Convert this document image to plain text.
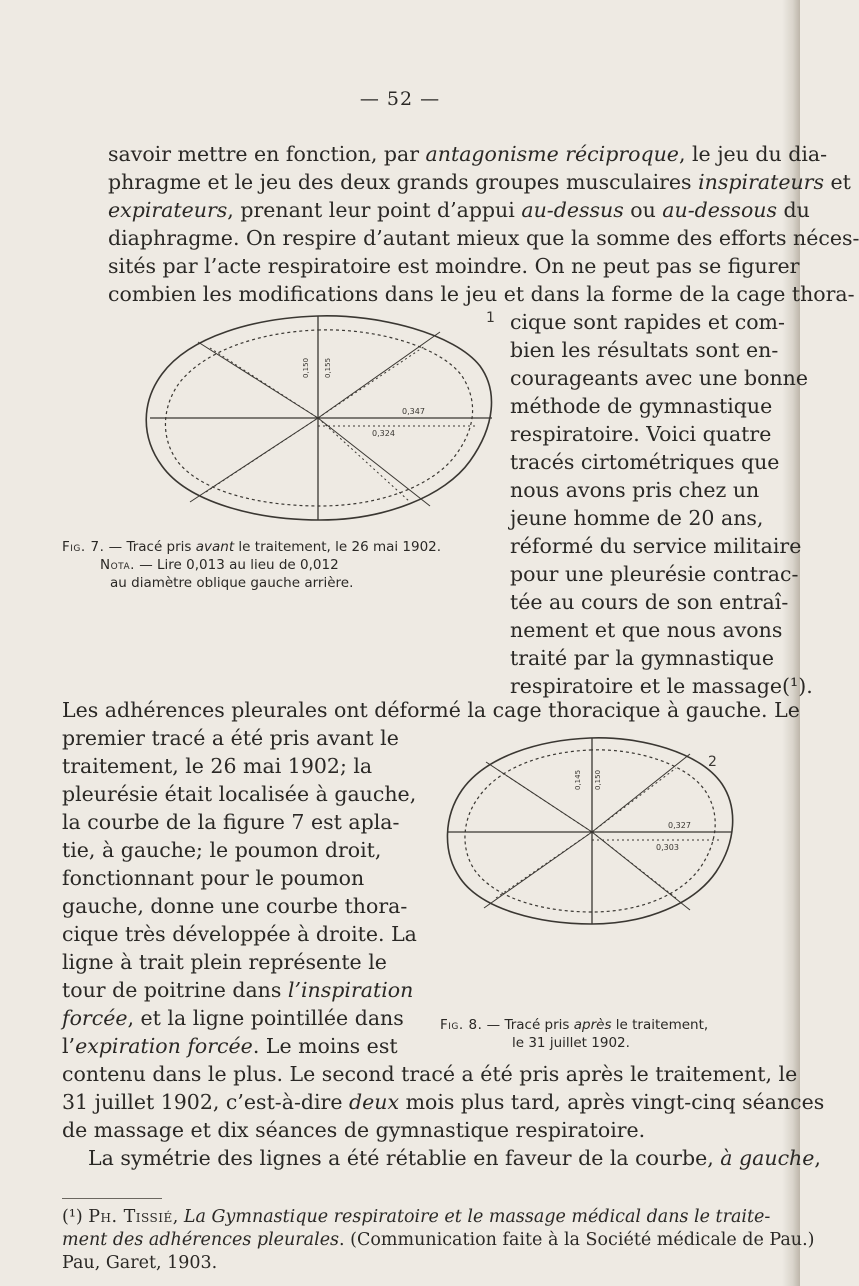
— 52 —
savoir mettre en fonction, par antagonisme réciproque, le jeu du dia-
phragme et le jeu des deux grands groupes musculaires inspirateurs et
expirateurs, prenant leur point d’appui au-dessus ou au-dessous du
diaphragme. On respire d’autant mieux que la somme des efforts néces-
sités par l’acte respiratoire est moindre. On ne peut pas se figurer
combien les modifications dans le jeu et dans la forme de la cage thora-
cique sont rapides et com-
bien les résultats sont en-
courageants avec une bonne
méthode de gymnastique
respiratoire. Voici quatre
tracés cirtométriques que
nous avons pris chez un
jeune homme de 20 ans,
réformé du service militaire
pour une pleurésie contrac-
tée au cours de son entraî-
nement et que nous avons
traité par la gymnastique
respiratoire et le massage(¹).
1
0,347
0,324
0,150 0,155
Fig. 7. — Tracé pris avant le traitement, le 26 mai 1902.
Nota. — Lire 0,013 au lieu de 0,012
au diamètre oblique gauche arrière.
Les adhérences pleurales ont déformé la cage thoracique à gauche. Le
premier tracé a été pris avant le
traitement, le 26 mai 1902; la
pleurésie était localisée à gauche,
la courbe de la figure 7 est apla-
tie, à gauche; le poumon droit,
fonctionnant pour le poumon
gauche, donne une courbe thora-
cique très développée à droite. La
ligne à trait plein représente le
tour de poitrine dans l’inspiration
forcée, et la ligne pointillée dans
l’expiration forcée. Le moins est
2
0,327
0,303
0,145 0,150
Fig. 8. — Tracé pris après le traitement,
le 31 juillet 1902.
contenu dans le plus. Le second tracé a été pris après le traitement, le
31 juillet 1902, c’est-à-dire deux mois plus tard, après vingt-cinq séances
de massage et dix séances de gymnastique respiratoire.
La symétrie des lignes a été rétablie en faveur de la courbe, à gauche,
(¹) Ph. Tissié, La Gymnastique respiratoire et le massage médical dans le traite-
ment des adhérences pleurales. (Communication faite à la Société médicale de Pau.)
Pau, Garet, 1903.
